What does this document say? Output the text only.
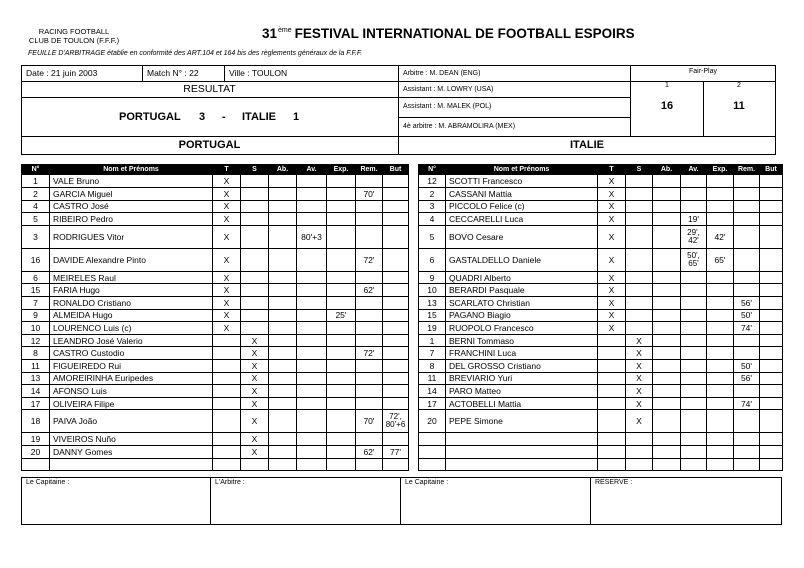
RACING FOOTBALL
CLUB DE TOULON (F.F.F.)	31ème FESTIVAL INTERNATIONAL DE FOOTBALL ESPOIRS
FEUILLE D'ARBITRAGE établie en conformité des ART.104 et 164 bis des règlements généraux de la F.F.F.
Date : 21 juin 2003	Match N° : 22	Ville : TOULON
RESULTAT
PORTUGAL 3 - ITALIE 1
PORTUGAL	ITALIE
Arbitre : M. DEAN (ENG)
Assistant : M. LOWRY (USA)
Assistant : M. MALEK (POL)
4è arbitre : M. ABRAMOLIRA (MEX)
Fair-Play
1	2
16	11
N°	Nom et Prénoms	T	S	Ab.	Av.	Exp.	Rem.	But
1	VALE Bruno	X						
2	GARCIA Miguel	X					70'	
4	CASTRO José	X						
5	RIBEIRO Pedro	X						
3	RODRIGUES Vitor	X			80'+3			
16	DAVIDE Alexandre Pinto	X					72'	
6	MEIRELES Raul	X						
15	FARIA Hugo	X					62'	
7	RONALDO Cristiano	X						
9	ALMEIDA Hugo	X				25'		
10	LOURENCO Luis (c)	X						
12	LEANDRO José Valerio		X					
8	CASTRO Custodio		X				72'	
11	FIGUEIREDO Rui		X					
13	AMOREIRINHA Euripedes		X					
14	AFONSO Luis		X					
17	OLIVEIRA Filipe		X					
18	PAIVA João		X				70'	72', 80'+6
19	VIVEIROS Nuño		X					
20	DANNY Gomes		X				62'	77'

N°	Nom et Prénoms	T	S	Ab.	Av.	Exp.	Rem.	But
12	SCOTTI Francesco	X						
2	CASSANI Mattia	X						
3	PICCOLO Felice (c)	X						
4	CECCARELLI Luca	X			19'			
5	BOVO Cesare	X			29', 42'	42'		
6	GASTALDELLO Daniele	X			50', 65'	65'		
9	QUADRI Alberto	X						
10	BERARDI Pasquale	X						
13	SCARLATO Christian	X					56'	
15	PAGANO Biagio	X					50'	
19	RUOPOLO Francesco	X					74'	
1	BERNI Tommaso		X					
7	FRANCHINI Luca		X					
8	DEL GROSSO Cristiano		X				50'	
11	BREVIARIO Yuri		X				56'	
14	PARO Matteo		X					
17	ACTOBELLI Mattia		X				74'	
20	PEPE Simone		X					

Le Capitaine :	L'Arbitre :	Le Capitaine :	RESERVE :
